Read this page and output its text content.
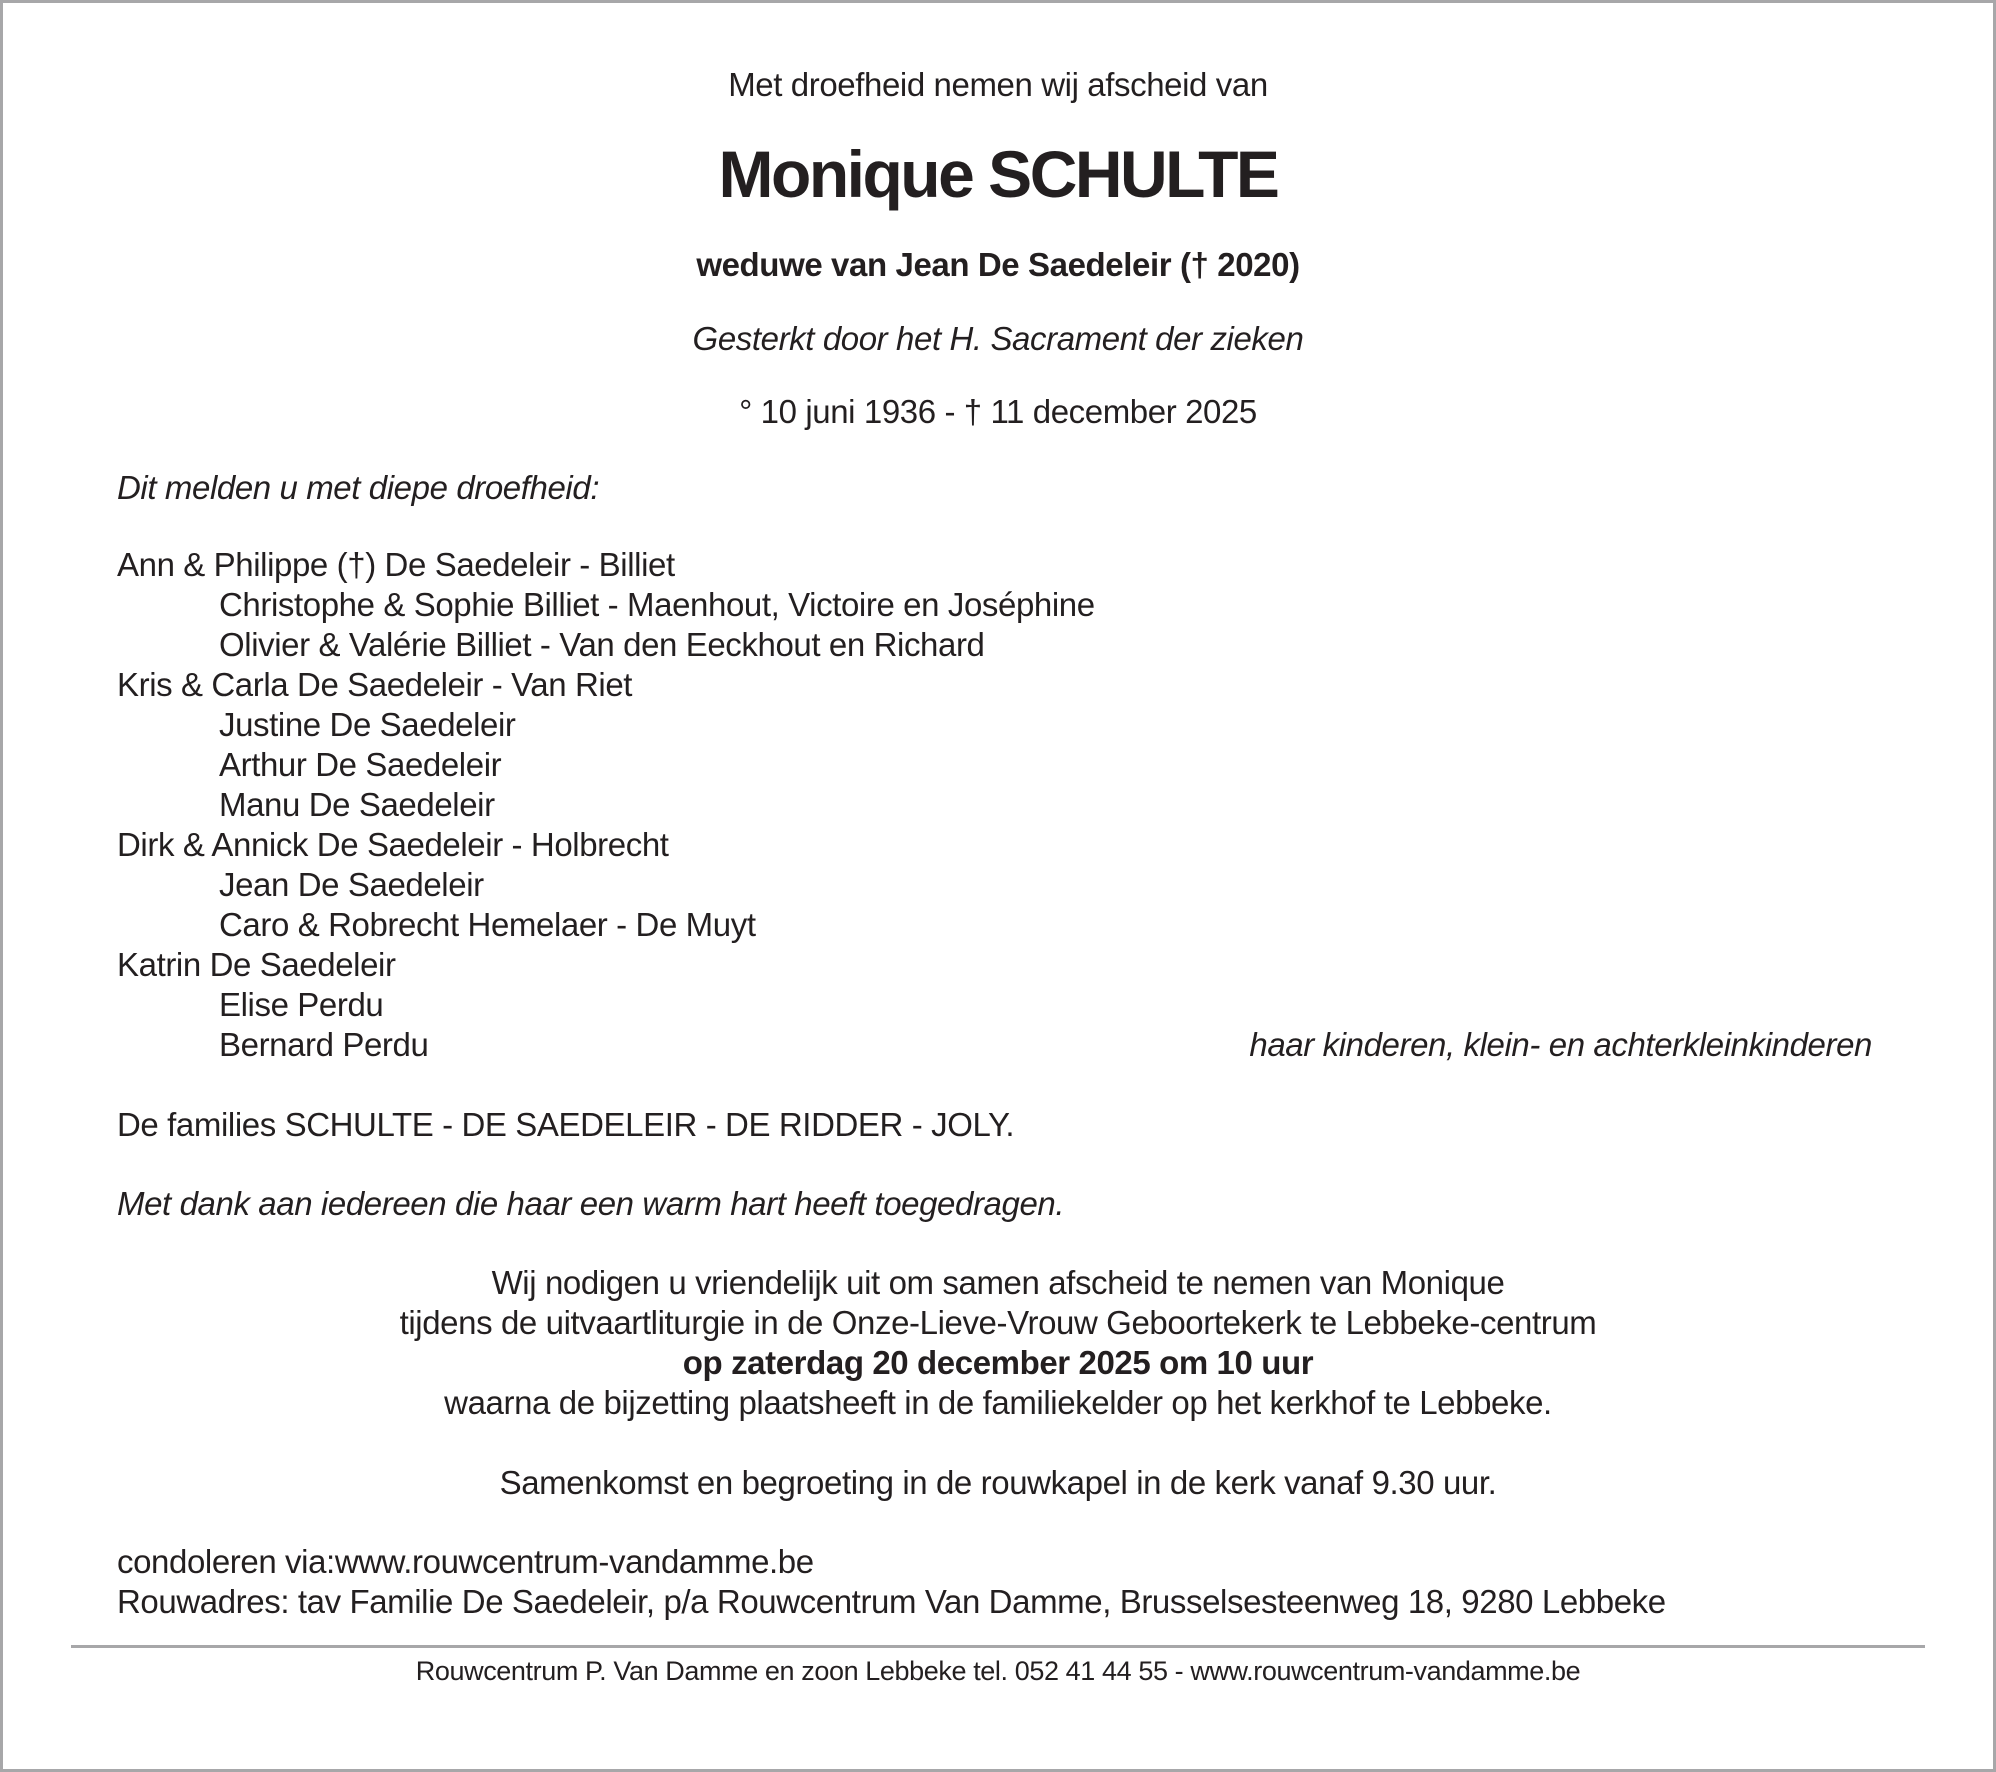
Met droefheid nemen wij afscheid van
Monique SCHULTE
weduwe van Jean De Saedeleir († 2020)
Gesterkt door het H. Sacrament der zieken
° 10 juni 1936 - † 11 december 2025
Dit melden u met diepe droefheid:
Ann & Philippe (†) De Saedeleir - Billiet
Christophe & Sophie Billiet - Maenhout, Victoire en Joséphine
Olivier & Valérie Billiet - Van den Eeckhout en Richard
Kris & Carla De Saedeleir - Van Riet
Justine De Saedeleir
Arthur De Saedeleir
Manu De Saedeleir
Dirk & Annick De Saedeleir - Holbrecht
Jean De Saedeleir
Caro & Robrecht Hemelaer - De Muyt
Katrin De Saedeleir
Elise Perdu
Bernard Perdu	haar kinderen, klein- en achterkleinkinderen
De families SCHULTE - DE SAEDELEIR - DE RIDDER - JOLY.
Met dank aan iedereen die haar een warm hart heeft toegedragen.
Wij nodigen u vriendelijk uit om samen afscheid te nemen van Monique
tijdens de uitvaartliturgie in de Onze-Lieve-Vrouw Geboortekerk te Lebbeke-centrum
op zaterdag 20 december 2025 om 10 uur
waarna de bijzetting plaatsheeft in de familiekelder op het kerkhof te Lebbeke.
Samenkomst en begroeting in de rouwkapel in de kerk vanaf 9.30 uur.
condoleren via:www.rouwcentrum-vandamme.be
Rouwadres: tav Familie De Saedeleir, p/a Rouwcentrum Van Damme, Brusselsesteenweg 18, 9280 Lebbeke
Rouwcentrum P. Van Damme en zoon Lebbeke tel. 052 41 44 55 - www.rouwcentrum-vandamme.be
